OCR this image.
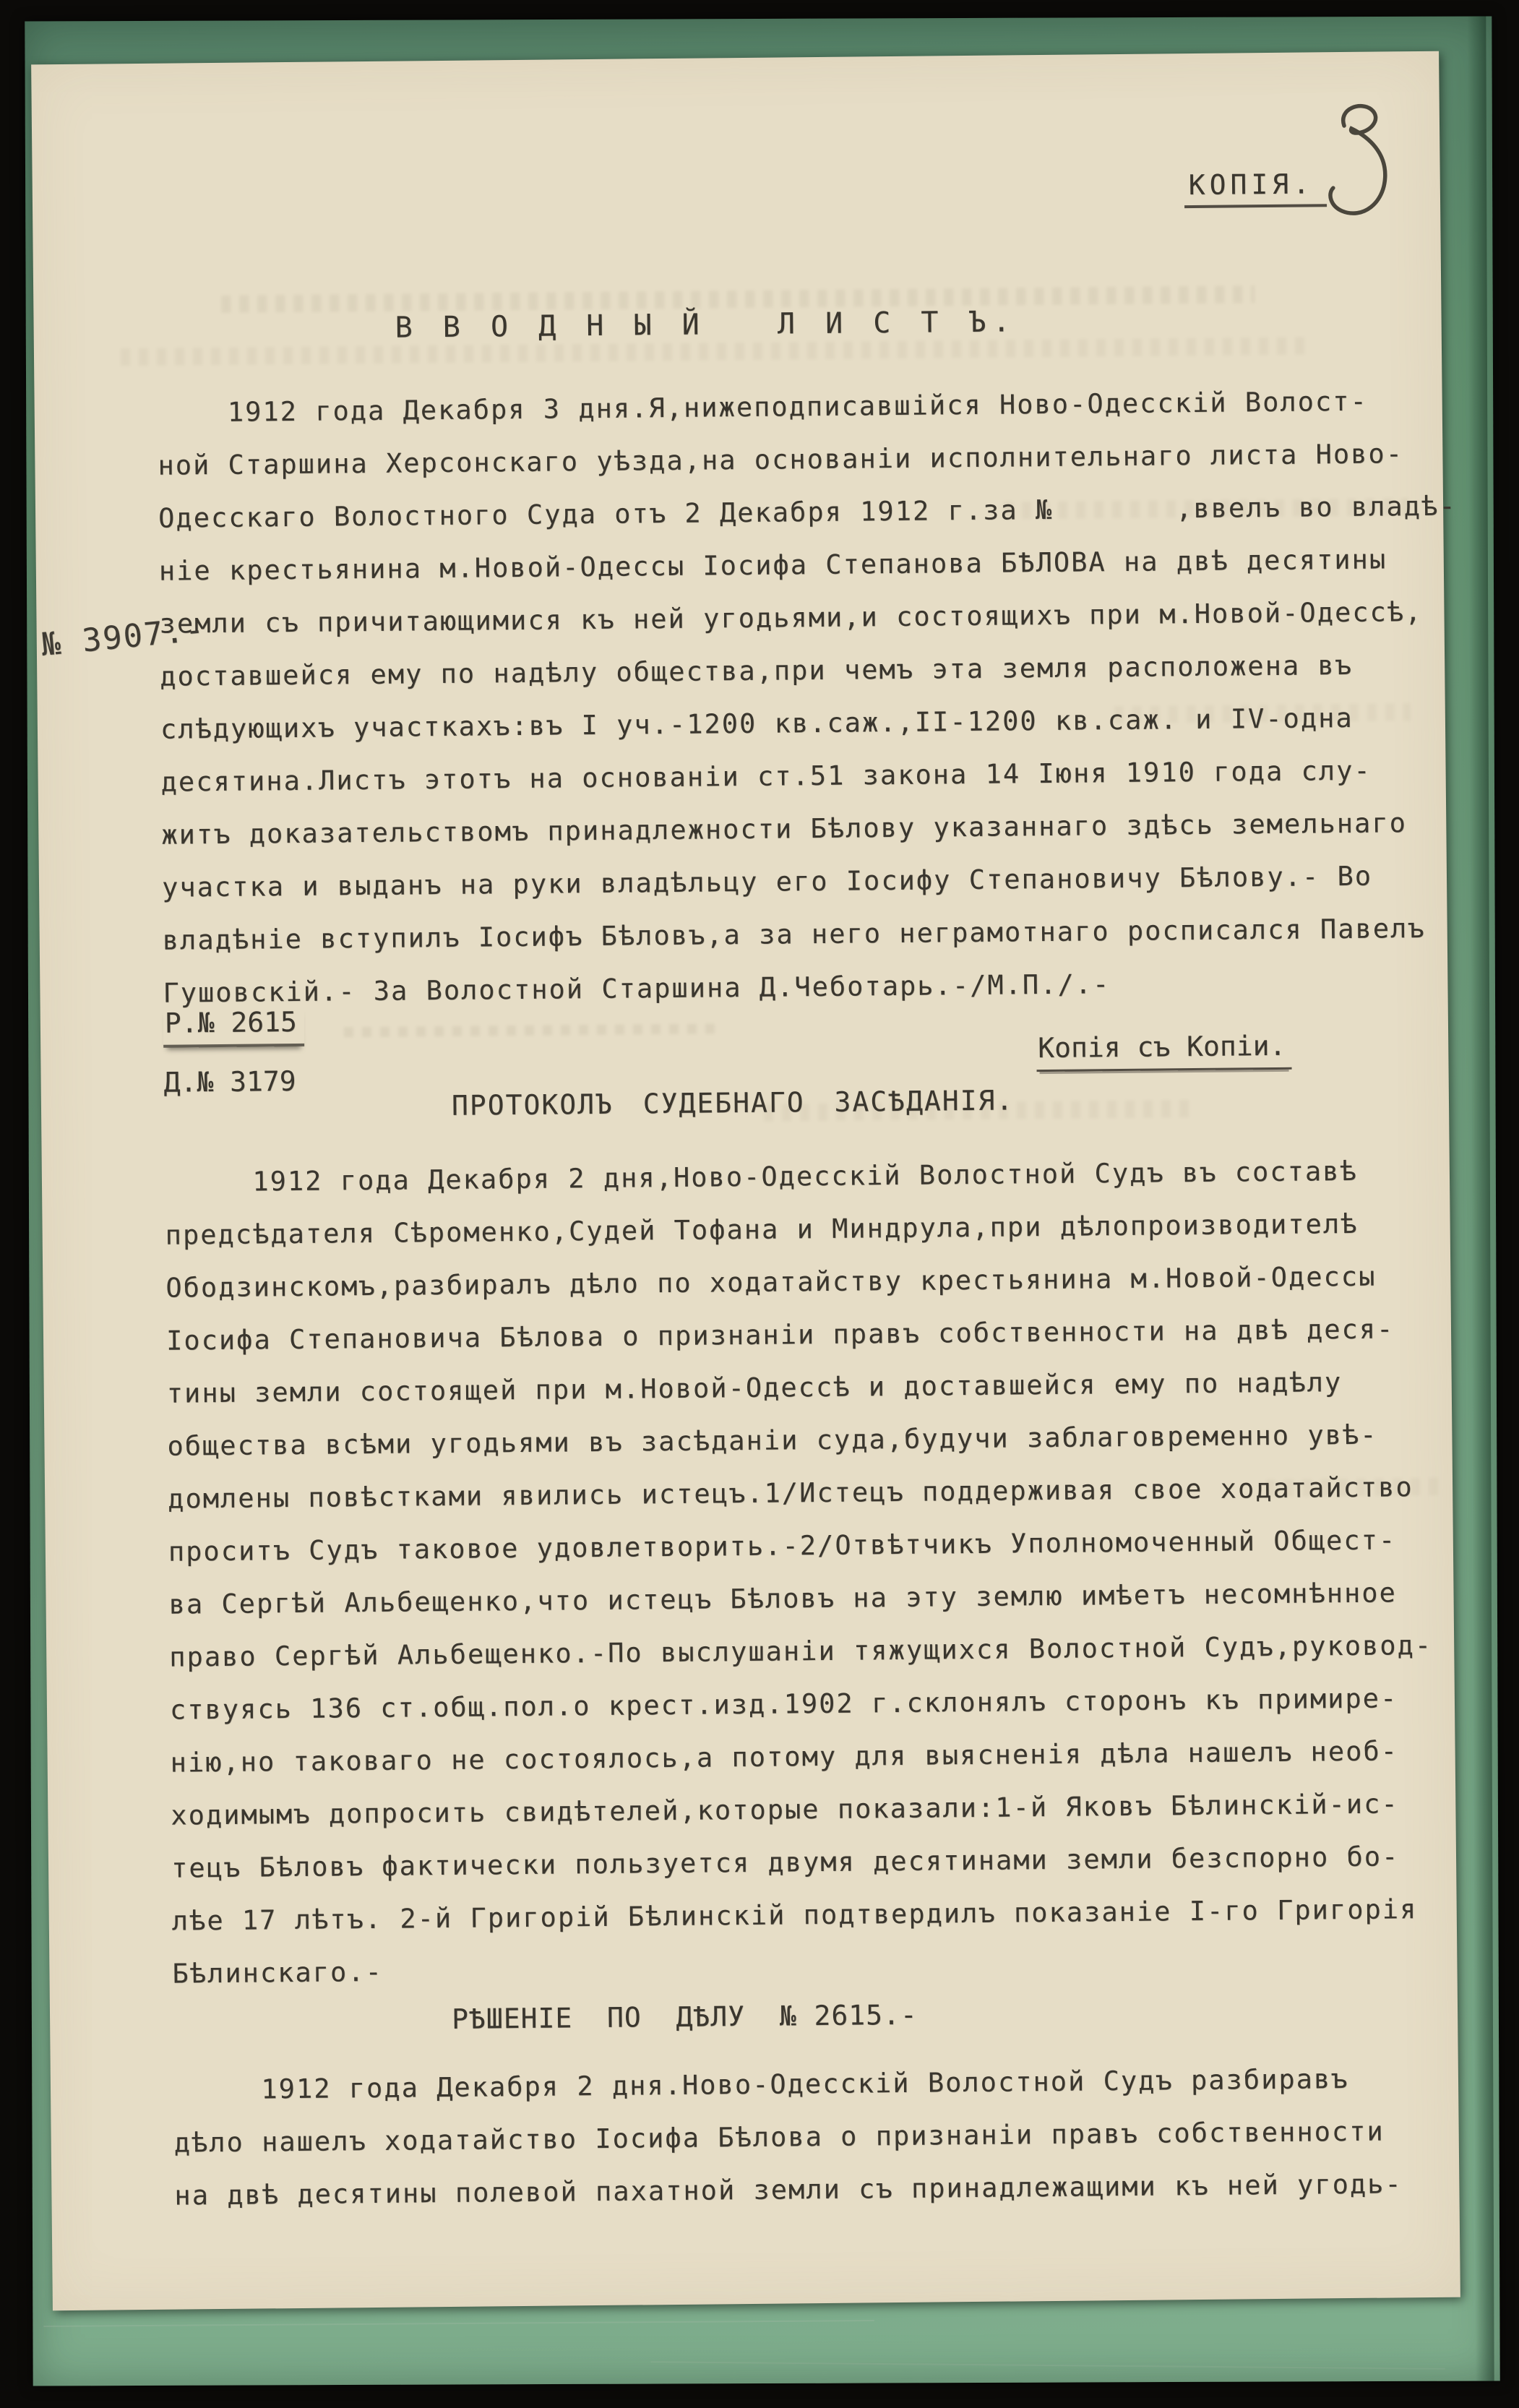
КОПІЯ.
В В О Д Н Ы Й   Л И С Т Ъ.
1912 года Декабря 3 дня.Я,нижеподписавшійся Ново-Одесскій Волост-
ной Старшина Херсонскаго уѣзда,на основаніи исполнительнаго листа Ново-
Одесскаго Волостного Суда отъ 2 Декабря 1912 г.за №       ,ввелъ во владѣ-
ніе крестьянина м.Новой-Одессы Іосифа Степанова БѢЛОВА на двѣ десятины
земли съ причитающимися къ ней угодьями,и состоящихъ при м.Новой-Одессѣ,
доставшейся ему по надѣлу общества,при чемъ эта земля расположена въ
слѣдующихъ участкахъ:въ I уч.-1200 кв.саж.,II-1200 кв.саж. и IV-одна
десятина.Листъ этотъ на основаніи ст.51 закона 14 Іюня 1910 года слу-
житъ доказательствомъ принадлежности Бѣлову указаннаго здѣсь земельнаго
участка и выданъ на руки владѣльцу его Іосифу Степановичу Бѣлову.- Во
владѣніе вступилъ Іосифъ Бѣловъ,а за него неграмотнаго росписался Павелъ
Гушовскій.- За Волостной Старшина Д.Чеботарь.-/М.П./.-
№ 3907.-
Р.№ 2615
Копія съ Копіи.
Д.№ 3179
ПРОТОКОЛЪ СУДЕБНАГО ЗАСѢДАНІЯ.
1912 года Декабря 2 дня,Ново-Одесскій Волостной Судъ въ составѣ
предсѣдателя Сѣроменко,Судей Тофана и Миндрула,при дѣлопроизводителѣ
Ободзинскомъ,разбиралъ дѣло по ходатайству крестьянина м.Новой-Одессы
Іосифа Степановича Бѣлова о признаніи правъ собственности на двѣ деся-
тины земли состоящей при м.Новой-Одессѣ и доставшейся ему по надѣлу
общества всѣми угодьями въ засѣданіи суда,будучи заблаговременно увѣ-
домлены повѣстками явились истецъ.1/Истецъ поддерживая свое ходатайство
проситъ Судъ таковое удовлетворить.-2/Отвѣтчикъ Уполномоченный Общест-
ва Сергѣй Альбещенко,что истецъ Бѣловъ на эту землю имѣетъ несомнѣнное
право Сергѣй Альбещенко.-По выслушаніи тяжущихся Волостной Судъ,руковод-
ствуясь 136 ст.общ.пол.о крест.изд.1902 г.склонялъ сторонъ къ примире-
нію,но таковаго не состоялось,а потому для выясненія дѣла нашелъ необ-
ходимымъ допросить свидѣтелей,которые показали:1-й Яковъ Бѣлинскій-ис-
тецъ Бѣловъ фактически пользуется двумя десятинами земли безспорно бо-
лѣе 17 лѣтъ. 2-й Григорій Бѣлинскій подтвердилъ показаніе I-го Григорія
Бѣлинскаго.-
РѢШЕНІЕ  ПО  ДѢЛУ  № 2615.-
1912 года Декабря 2 дня.Ново-Одесскій Волостной Судъ разбиравъ
дѣло нашелъ ходатайство Іосифа Бѣлова о признаніи правъ собственности
на двѣ десятины полевой пахатной земли съ принадлежащими къ ней угодь-
